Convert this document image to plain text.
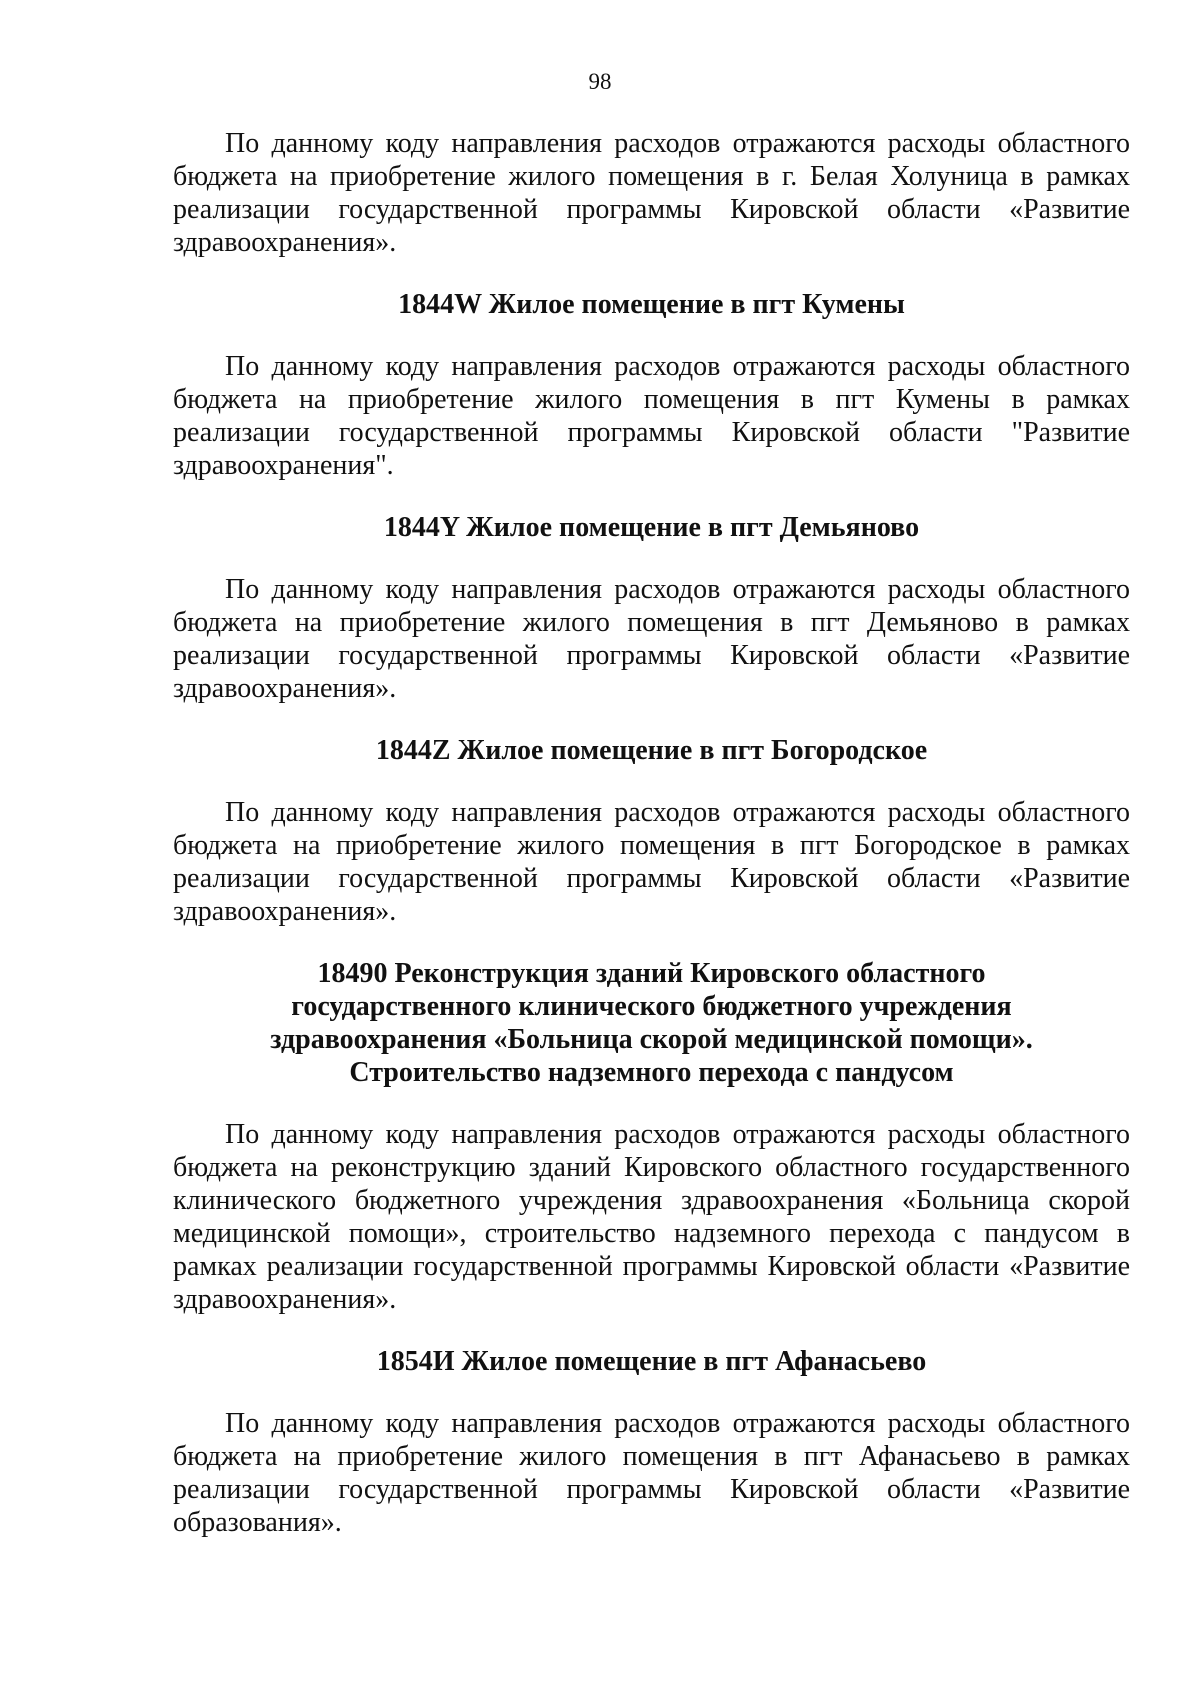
98

По данному коду направления расходов отражаются расходы областного бюджета на приобретение жилого помещения в г. Белая Холуница в рамках реализации государственной программы Кировской области «Развитие здравоохранения».

1844W Жилое помещение в пгт Кумены

По данному коду направления расходов отражаются расходы областного бюджета на приобретение жилого помещения в пгт Кумены в рамках реализации государственной программы Кировской области "Развитие здравоохранения".

1844Y Жилое помещение в пгт Демьяново

По данному коду направления расходов отражаются расходы областного бюджета на приобретение жилого помещения в пгт Демьяново в рамках реализации государственной программы Кировской области «Развитие здравоохранения».

1844Z Жилое помещение в пгт Богородское

По данному коду направления расходов отражаются расходы областного бюджета на приобретение жилого помещения в пгт Богородское в рамках реализации государственной программы Кировской области «Развитие здравоохранения».

18490 Реконструкция зданий Кировского областного
государственного клинического бюджетного учреждения
здравоохранения «Больница скорой медицинской помощи».
Строительство надземного перехода с пандусом

По данному коду направления расходов отражаются расходы областного бюджета на реконструкцию зданий Кировского областного государственного клинического бюджетного учреждения здравоохранения «Больница скорой медицинской помощи», строительство надземного перехода с пандусом в рамках реализации государственной программы Кировской области «Развитие здравоохранения».

1854И Жилое помещение в пгт Афанасьево

По данному коду направления расходов отражаются расходы областного бюджета на приобретение жилого помещения в пгт Афанасьево в рамках реализации государственной программы Кировской области «Развитие образования».
